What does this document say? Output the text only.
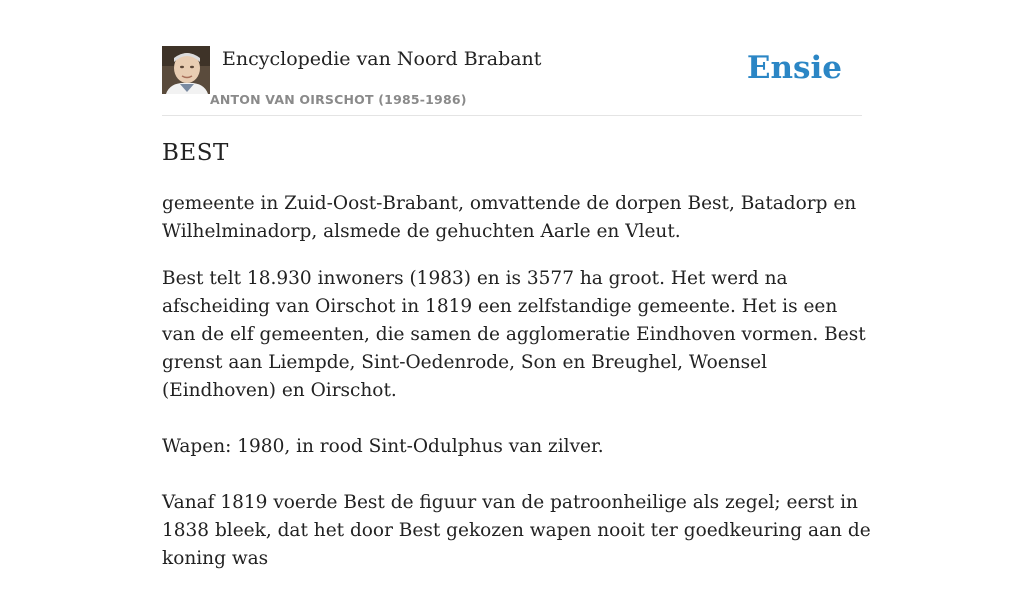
Encyclopedie van Noord Brabant
ANTON VAN OIRSCHOT (1985-1986)
Ensie
BEST

gemeente in Zuid-Oost-Brabant, omvattende de dorpen Best, Batadorp en Wilhelminadorp, alsmede de gehuchten Aarle en Vleut.

Best telt 18.930 inwoners (1983) en is 3577 ha groot. Het werd na afscheiding van Oirschot in 1819 een zelfstandige gemeente. Het is een van de elf gemeenten, die samen de agglomeratie Eindhoven vormen. Best grenst aan Liempde, Sint-Oedenrode, Son en Breughel, Woensel (Eindhoven) en Oirschot.

Wapen: 1980, in rood Sint-Odulphus van zilver.

Vanaf 1819 voerde Best de figuur van de patroonheilige als zegel; eerst in 1838 bleek, dat het door Best gekozen wapen nooit ter goedkeuring aan de koning was
